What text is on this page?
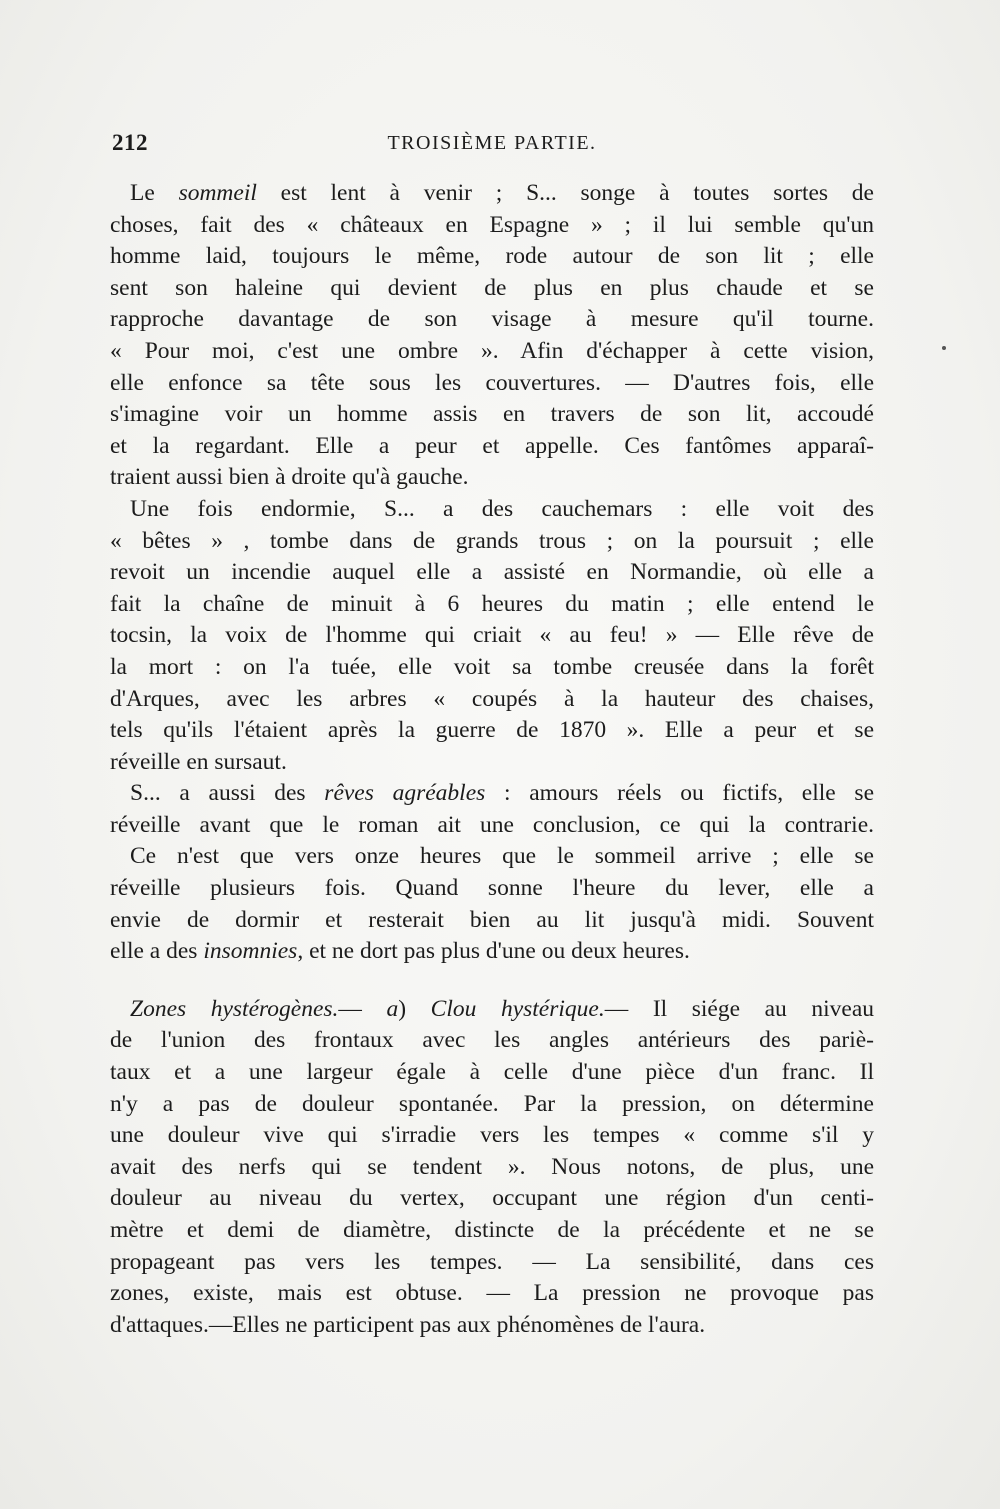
212	TROISIÈME PARTIE.
Le sommeil est lent à venir ; S... songe à toutes sortes de
choses, fait des « châteaux en Espagne » ; il lui semble qu'un
homme laid, toujours le même, rode autour de son lit ; elle
sent son haleine qui devient de plus en plus chaude et se
rapproche davantage de son visage à mesure qu'il tourne.
« Pour moi, c'est une ombre ». Afin d'échapper à cette vision,
elle enfonce sa tête sous les couvertures. — D'autres fois, elle
s'imagine voir un homme assis en travers de son lit, accoudé
et la regardant. Elle a peur et appelle. Ces fantômes apparaî-
traient aussi bien à droite qu'à gauche.
Une fois endormie, S... a des cauchemars : elle voit des
« bêtes » , tombe dans de grands trous ; on la poursuit ; elle
revoit un incendie auquel elle a assisté en Normandie, où elle a
fait la chaîne de minuit à 6 heures du matin ; elle entend le
tocsin, la voix de l'homme qui criait « au feu! » — Elle rêve de
la mort : on l'a tuée, elle voit sa tombe creusée dans la forêt
d'Arques, avec les arbres « coupés à la hauteur des chaises,
tels qu'ils l'étaient après la guerre de 1870 ». Elle a peur et se
réveille en sursaut.
S... a aussi des rêves agréables : amours réels ou fictifs, elle se
réveille avant que le roman ait une conclusion, ce qui la contrarie.
Ce n'est que vers onze heures que le sommeil arrive ; elle se
réveille plusieurs fois. Quand sonne l'heure du lever, elle a
envie de dormir et resterait bien au lit jusqu'à midi. Souvent
elle a des insomnies, et ne dort pas plus d'une ou deux heures.
Zones hystérogènes.— a) Clou hystérique.— Il siége au niveau
de l'union des frontaux avec les angles antérieurs des pariè-
taux et a une largeur égale à celle d'une pièce d'un franc. Il
n'y a pas de douleur spontanée. Par la pression, on détermine
une douleur vive qui s'irradie vers les tempes « comme s'il y
avait des nerfs qui se tendent ». Nous notons, de plus, une
douleur au niveau du vertex, occupant une région d'un centi-
mètre et demi de diamètre, distincte de la précédente et ne se
propageant pas vers les tempes. — La sensibilité, dans ces
zones, existe, mais est obtuse. — La pression ne provoque pas
d'attaques.—Elles ne participent pas aux phénomènes de l'aura.
